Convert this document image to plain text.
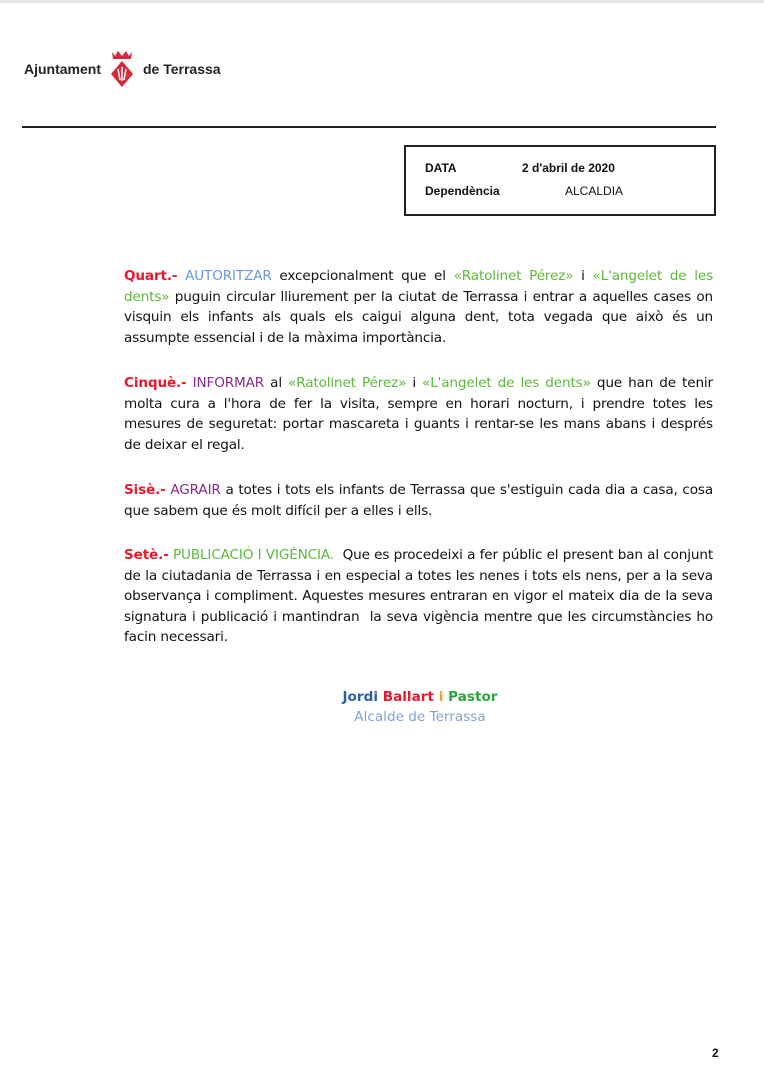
Ajuntament	de Terrassa
DATA	2 d'abril de 2020
Dependència	ALCALDIA
Quart.- AUTORITZAR excepcionalment que el «Ratolinet Pérez» i «L'angelet de les dents» puguin circular lliurement per la ciutat de Terrassa i entrar a aquelles cases on visquin els infants als quals els caigui alguna dent, tota vegada que això és un assumpte essencial i de la màxima importància.
Cinquè.- INFORMAR al «Ratolinet Pérez» i «L'angelet de les dents» que han de tenir molta cura a l'hora de fer la visita, sempre en horari nocturn, i prendre totes les mesures de seguretat: portar mascareta i guants i rentar-se les mans abans i després de deixar el regal.
Sisè.- AGRAIR a totes i tots els infants de Terrassa que s'estiguin cada dia a casa, cosa que sabem que és molt difícil per a elles i ells.
Setè.- PUBLICACIÓ I VIGÈNCIA.  Que es procedeixi a fer públic el present ban al conjunt de la ciutadania de Terrassa i en especial a totes les nenes i tots els nens, per a la seva observança i compliment. Aquestes mesures entraran en vigor el mateix dia de la seva signatura i publicació i mantindran  la seva vigència mentre que les circumstàncies ho facin necessari.
Jordi Ballart i Pastor
Alcalde de Terrassa
2
